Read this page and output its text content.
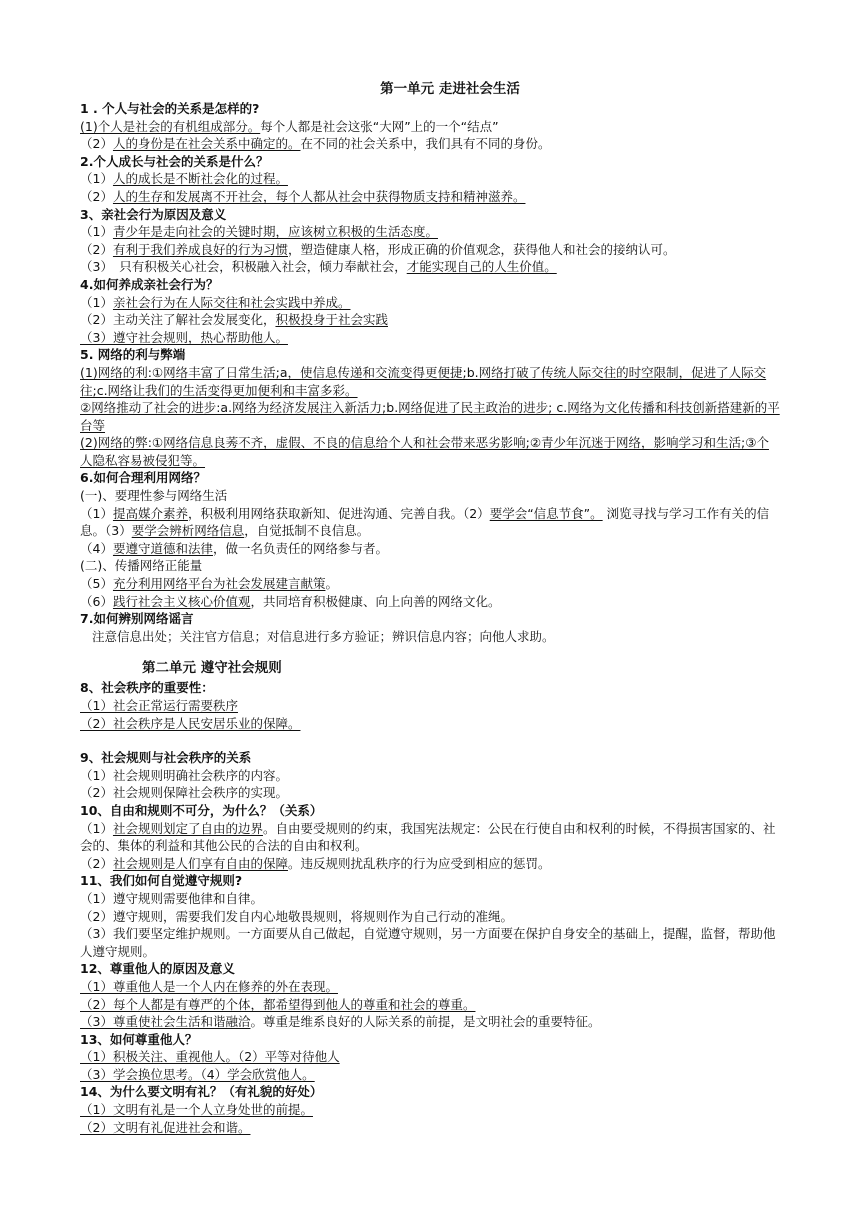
第一单元 走进社会生活

1 . 个人与社会的关系是怎样的?

(1)个人是社会的有机组成部分。每个人都是社会这张“大网”上的一个“结点”

（2）人的身份是在社会关系中确定的。在不同的社会关系中，我们具有不同的身份。

2.个人成长与社会的关系是什么？

（1）人的成长是不断社会化的过程。

（2）人的生存和发展离不开社会，每个人都从社会中获得物质支持和精神滋养。

3、亲社会行为原因及意义

（1）青少年是走向社会的关键时期，应该树立积极的生活态度。

（2）有利于我们养成良好的行为习惯，塑造健康人格，形成正确的价值观念，获得他人和社会的接纳认可。

（3）　只有积极关心社会，积极融入社会，倾力奉献社会，才能实现自己的人生价值。

4.如何养成亲社会行为？

（1）亲社会行为在人际交往和社会实践中养成。

（2）主动关注了解社会发展变化，积极投身于社会实践

（3）遵守社会规则，热心帮助他人。

5. 网络的利与弊端

(1)网络的利:①网络丰富了日常生活;a，使信息传递和交流变得更便捷;b.网络打破了传统人际交往的时空限制，促进了人际交往;c.网络让我们的生活变得更加便利和丰富多彩。

②网络推动了社会的进步:a.网络为经济发展注入新活力;b.网络促进了民主政治的进步; c.网络为文化传播和科技创新搭建新的平台等

(2)网络的弊:①网络信息良莠不齐，虚假、不良的信息给个人和社会带来恶劣影响;②青少年沉迷于网络，影响学习和生活;③个人隐私容易被侵犯等。

6.如何合理利用网络？

(一)、要理性参与网络生活

（1）提高媒介素养，积极利用网络获取新知、促进沟通、完善自我。（2）要学会“信息节食”。 浏览寻找与学习工作有关的信息。（3）要学会辨析网络信息，自觉抵制不良信息。

（4）要遵守道德和法律，做一名负责任的网络参与者。

(二)、传播网络正能量

（5）充分利用网络平台为社会发展建言献策。

（6）践行社会主义核心价值观，共同培育积极健康、向上向善的网络文化。

7.如何辨别网络谣言

注意信息出处；关注官方信息；对信息进行多方验证；辨识信息内容；向他人求助。

第二单元 遵守社会规则

8、社会秩序的重要性：

（1）社会正常运行需要秩序

（2）社会秩序是人民安居乐业的保障。

9、社会规则与社会秩序的关系

（1）社会规则明确社会秩序的内容。

（2）社会规则保障社会秩序的实现。

10、自由和规则不可分，为什么？（关系）

（1）社会规则划定了自由的边界。自由要受规则的约束，我国宪法规定：公民在行使自由和权利的时候，不得损害国家的、社会的、集体的利益和其他公民的合法的自由和权利。

（2）社会规则是人们享有自由的保障。违反规则扰乱秩序的行为应受到相应的惩罚。

11、我们如何自觉遵守规则?

（1）遵守规则需要他律和自律。

（2）遵守规则，需要我们发自内心地敬畏规则，将规则作为自己行动的准绳。

（3）我们要坚定维护规则。一方面要从自己做起，自觉遵守规则，另一方面要在保护自身安全的基础上，提醒，监督，帮助他人遵守规则。

12、尊重他人的原因及意义

（1）尊重他人是一个人内在修养的外在表现。

（2）每个人都是有尊严的个体，都希望得到他人的尊重和社会的尊重。

（3）尊重使社会生活和谐融洽。尊重是维系良好的人际关系的前提，是文明社会的重要特征。

13、如何尊重他人？

（1）积极关注、重视他人。（2）平等对待他人

（3）学会换位思考。（4）学会欣赏他人。

14、为什么要文明有礼？（有礼貌的好处）

（1）文明有礼是一个人立身处世的前提。

（2）文明有礼促进社会和谐。
